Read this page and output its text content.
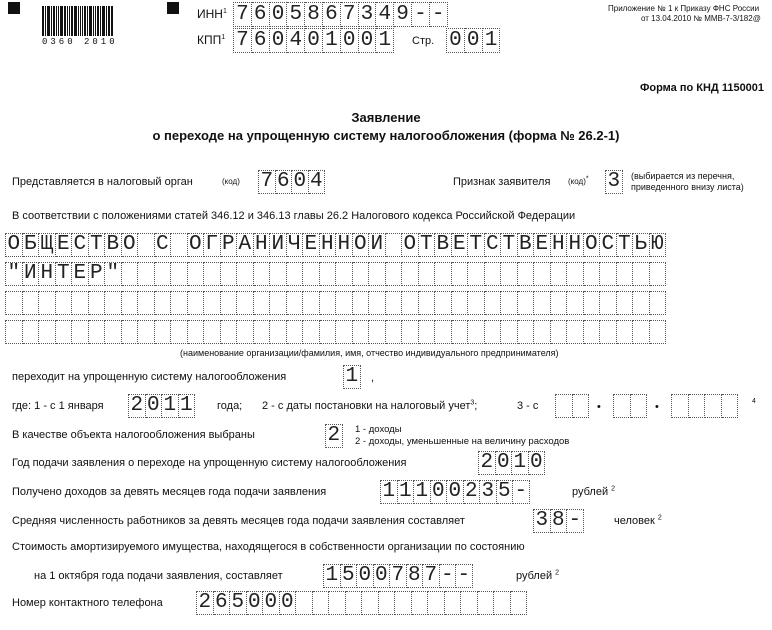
0360 2010
ИНН$^1$ 7 6 0 5 8 6 7 3 4 9 - -
КПП$^1$ 7 6 0 4 0 1 0 0 1 Стр. 0 0 1
Приложение № 1 к Приказу ФНС России
от 13.04.2010 № ММВ-7-3/182@
Форма по КНД 1150001
Заявление
о переходе на упрощенную систему налогообложения (форма № 26.2-1)
Представляется в налоговый орган	(код) 7 6 0 4	Признак заявителя (код)* 3 (выбирается из перечня,
приведенного внизу листа)
В соответствии с положениями статей 346.12 и 346.13 главы 26.2 Налогового кодекса Российской Федерации
О Б Щ Е С Т В О С О Г Р А Н И Ч Е Н Н О Й О Т В Е Т С Т В Е Н Н О С Т Ь Ю
" И Н Т Е Р "
(наименование организации/фамилия, имя, отчество индивидуального предпринимателя)
переходит на упрощенную систему налогообложения	1 ,
где: 1 - с 1 января 2 0 1 1 года; 2 - с даты постановки на налоговый учет$^3$;	3 - с	•	•	4
В качестве объекта налогообложения выбраны	2 1 - доходы
2 - доходы, уменьшенные на величину расходов
Год подачи заявления о переходе на упрощенную систему налогообложения	2 0 1 0
Получено доходов за девять месяцев года подачи заявления	1 1 1 0 0 2 3 5 -	рублей $^2$
Средняя численность работников за девять месяцев года подачи заявления составляет	3 8 -	человек $^2$
Стоимость амортизируемого имущества, находящегося в собственности организации по состоянию
на 1 октября года подачи заявления, составляет 1 5 0 0 7 8 7 - -	рублей $^2$
Номер контактного телефона 2 6 5 0 0 0
